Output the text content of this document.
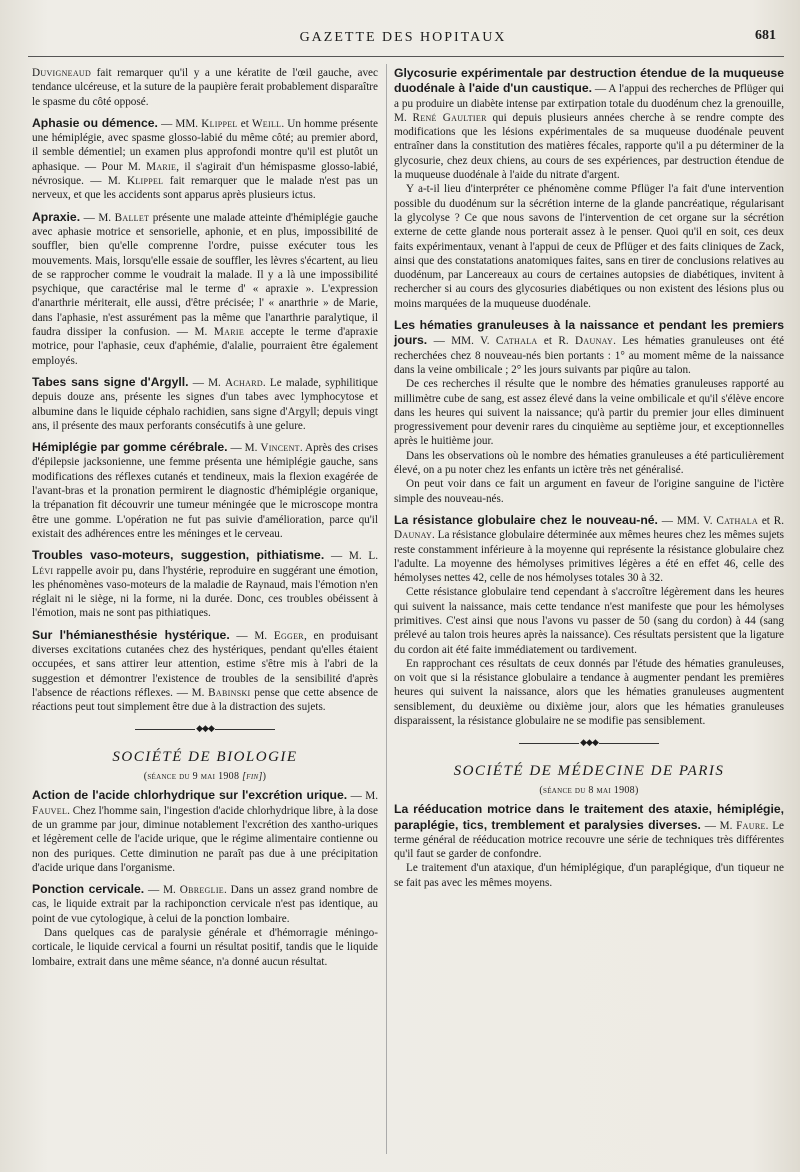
GAZETTE DES HOPITAUX	681

Duvigneaud fait remarquer qu'il y a une kératite de l'œil gauche, avec tendance ulcéreuse, et la suture de la paupière ferait probablement disparaître le spasme du côté opposé.

Aphasie ou démence. — MM. Klippel et Weill. Un homme présente une hémiplégie, avec spasme glosso-labié du même côté; au premier abord, il semble démentiel; un examen plus approfondi montre qu'il est plutôt un aphasique. — Pour M. Marie, il s'agirait d'un hémispasme glosso-labié, névrosique. — M. Klippel fait remarquer que le malade n'est pas un nerveux, et que les accidents sont apparus après plusieurs ictus.

Apraxie. — M. Ballet présente une malade atteinte d'hémiplégie gauche avec aphasie motrice et sensorielle, aphonie, et en plus, impossibilité de souffler, bien qu'elle comprenne l'ordre, puisse exécuter tous les mouvements. Mais, lorsqu'elle essaie de souffler, les lèvres s'écartent, au lieu de se rapprocher comme le voudrait la malade. Il y a là une impossibilité psychique, que caractérise mal le terme d' « apraxie ». L'expression d'anarthrie mériterait, elle aussi, d'être précisée; l' « anarthrie » de Marie, dans l'aphasie, n'est assurément pas la même que l'anarthrie paralytique, il faudra dissiper la confusion. — M. Marie accepte le terme d'apraxie motrice, pour l'aphasie, ceux d'aphémie, d'alalie, pourraient être également employés.

Tabes sans signe d'Argyll. — M. Achard. Le malade, syphilitique depuis douze ans, présente les signes d'un tabes avec lymphocytose et albumine dans le liquide céphalo rachidien, sans signe d'Argyll; depuis vingt ans, il présente des maux perforants consécutifs à une gelure.

Hémiplégie par gomme cérébrale. — M. Vincent. Après des crises d'épilepsie jacksonienne, une femme présenta une hémiplégie gauche, sans modifications des réflexes cutanés et tendineux, mais la flexion exagérée de l'avant-bras et la pronation permirent le diagnostic d'hémiplégie organique, la trépanation fit découvrir une tumeur méningée que le microscope montra être une gomme. L'opération ne fut pas suivie d'amélioration, parce qu'il existait des adhérences entre les méninges et le cerveau.

Troubles vaso-moteurs, suggestion, pithiatisme. — M. L. Lévi rappelle avoir pu, dans l'hystérie, reproduire en suggérant une émotion, les phénomènes vaso-moteurs de la maladie de Raynaud, mais l'émotion n'en réglait ni le siège, ni la forme, ni la durée. Donc, ces troubles obéissent à l'émotion, mais ne sont pas pithiatiques.

Sur l'hémianesthésie hystérique. — M. Egger, en produisant diverses excitations cutanées chez des hystériques, pendant qu'elles étaient occupées, et sans attirer leur attention, estime s'être mis à l'abri de la suggestion et démontrer l'existence de troubles de la sensibilité d'après l'absence de réactions réflexes. — M. Babinski pense que cette absence de réactions peut tout simplement être due à la distraction des sujets.

◆◆◆
SOCIÉTÉ DE BIOLOGIE
(séance du 9 mai 1908 [fin])

Action de l'acide chlorhydrique sur l'excrétion urique. — M. Fauvel. Chez l'homme sain, l'ingestion d'acide chlorhydrique libre, à la dose de un gramme par jour, diminue notablement l'excrétion des xantho-uriques et légèrement celle de l'acide urique, que le régime alimentaire contienne ou non des puriques. Cette diminution ne paraît pas due à une précipitation d'acide urique dans l'organisme.

Ponction cervicale. — M. Obreglie. Dans un assez grand nombre de cas, le liquide extrait par la rachiponction cervicale n'est pas identique, au point de vue cytologique, à celui de la ponction lombaire.

Dans quelques cas de paralysie générale et d'hémorragie méningo-corticale, le liquide cervical a fourni un résultat positif, tandis que le liquide lombaire, extrait dans une même séance, n'a donné aucun résultat.

Glycosurie expérimentale par destruction étendue de la muqueuse duodénale à l'aide d'un caustique. — A l'appui des recherches de Pflüger qui a pu produire un diabète intense par extirpation totale du duodénum chez la grenouille, M. René Gaultier qui depuis plusieurs années cherche à se rendre compte des modifications que les lésions expérimentales de sa muqueuse duodénale peuvent entraîner dans la constitution des matières fécales, rapporte qu'il a pu déterminer de la glycosurie, chez deux chiens, au cours de ses expériences, par destruction étendue de la muqueuse duodénale à l'aide du nitrate d'argent.

Y a-t-il lieu d'interpréter ce phénomène comme Pflüger l'a fait d'une intervention possible du duodénum sur la sécrétion interne de la glande pancréatique, régularisant la glycolyse ? Ce que nous savons de l'intervention de cet organe sur la sécrétion externe de cette glande nous porterait assez à le penser. Quoi qu'il en soit, ces deux faits expérimentaux, venant à l'appui de ceux de Pflüger et des faits cliniques de Zack, ainsi que des constatations anatomiques faites, sans en tirer de conclusions relatives au duodénum, par Lancereaux au cours de certaines autopsies de diabétiques, invitent à rechercher si au cours des glycosuries diabétiques ou non existent des lésions plus ou moins marquées de la muqueuse duodénale.

Les hématies granuleuses à la naissance et pendant les premiers jours. — MM. V. Cathala et R. Daunay. Les hématies granuleuses ont été recherchées chez 8 nouveau-nés bien portants : 1° au moment même de la naissance dans la veine ombilicale ; 2° les jours suivants par piqûre au talon.

De ces recherches il résulte que le nombre des hématies granuleuses rapporté au millimètre cube de sang, est assez élevé dans la veine ombilicale et qu'il s'élève encore dans les heures qui suivent la naissance; qu'à partir du premier jour elles diminuent progressivement pour devenir rares du cinquième au septième jour, et exceptionnelles après le huitième jour.

Dans les observations où le nombre des hématies granuleuses a été particulièrement élevé, on a pu noter chez les enfants un ictère très net généralisé.

On peut voir dans ce fait un argument en faveur de l'origine sanguine de l'ictère simple des nouveau-nés.

La résistance globulaire chez le nouveau-né. — MM. V. Cathala et R. Daunay. La résistance globulaire déterminée aux mêmes heures chez les mêmes sujets reste constamment inférieure à la moyenne qui représente la résistance globulaire chez l'adulte. La moyenne des hémolyses primitives légères a été en effet 46, celle des hémolyses nettes 42, celle de nos hémolyses totales 30 à 32.

Cette résistance globulaire tend cependant à s'accroître légèrement dans les heures qui suivent la naissance, mais cette tendance n'est manifeste que pour les hémolyses primitives. C'est ainsi que nous l'avons vu passer de 50 (sang du cordon) à 44 (sang prélevé au talon trois heures après la naissance). Ces résultats persistent que la ligature du cordon ait été faite immédiatement ou tardivement.

En rapprochant ces résultats de ceux donnés par l'étude des hématies granuleuses, on voit que si la résistance globulaire a tendance à augmenter pendant les premières heures qui suivent la naissance, alors que les hématies granuleuses augmentent sensiblement, du deuxième ou dixième jour, alors que les hématies granuleuses disparaissent, la résistance globulaire ne se modifie pas sensiblement.

◆◆◆
SOCIÉTÉ DE MÉDECINE DE PARIS
(séance du 8 mai 1908)

La rééducation motrice dans le traitement des ataxie, hémiplégie, paraplégie, tics, tremblement et paralysies diverses. — M. Faure. Le terme général de rééducation motrice recouvre une série de techniques très différentes qu'il faut se garder de confondre.

Le traitement d'un ataxique, d'un hémiplégique, d'un paraplégique, d'un tiqueur ne se fait pas avec les mêmes moyens.
